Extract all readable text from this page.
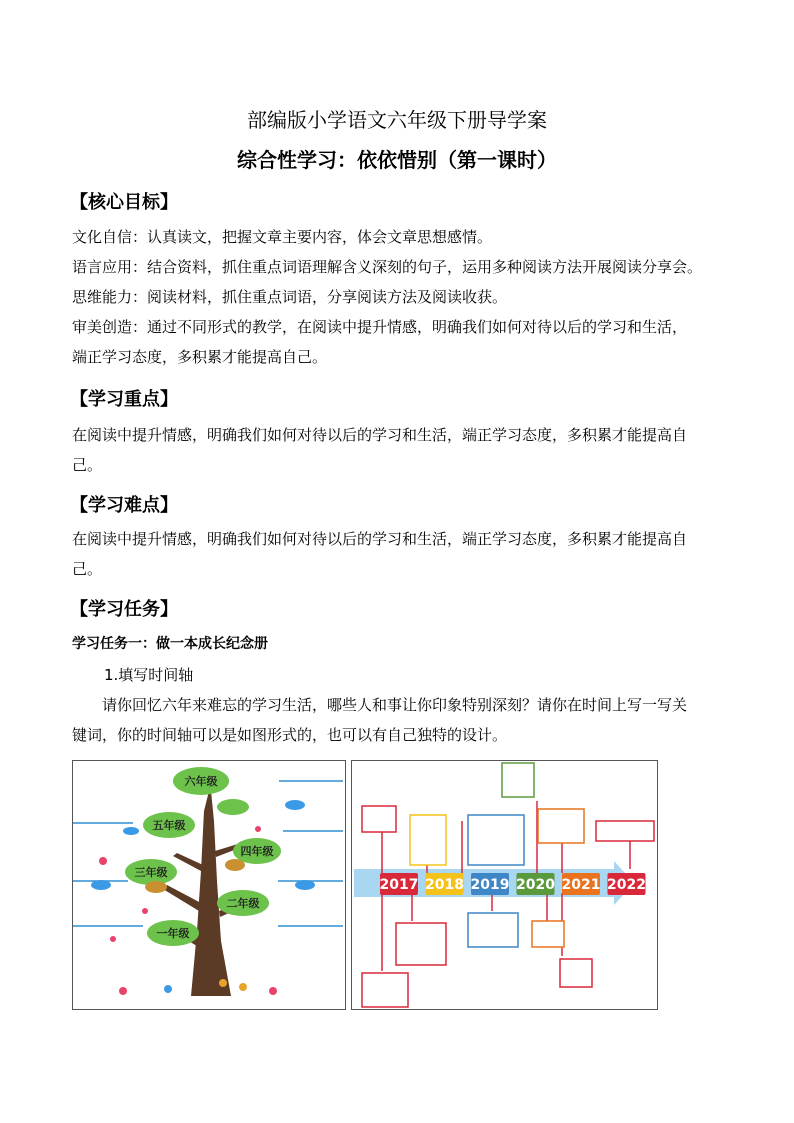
部编版小学语文六年级下册导学案
综合性学习：依依惜别（第一课时）
【核心目标】
文化自信：认真读文，把握文章主要内容，体会文章思想感情。
语言应用：结合资料，抓住重点词语理解含义深刻的句子，运用多种阅读方法开展阅读分享会。
思维能力：阅读材料，抓住重点词语，分享阅读方法及阅读收获。
审美创造：通过不同形式的教学，在阅读中提升情感，明确我们如何对待以后的学习和生活，
端正学习态度，多积累才能提高自己。
【学习重点】
在阅读中提升情感，明确我们如何对待以后的学习和生活，端正学习态度，多积累才能提高自
己。
【学习难点】
在阅读中提升情感，明确我们如何对待以后的学习和生活，端正学习态度，多积累才能提高自
己。
【学习任务】
学习任务一：做一本成长纪念册
1.填写时间轴
请你回忆六年来难忘的学习生活，哪些人和事让你印象特别深刻？请你在时间上写一写关
键词，你的时间轴可以是如图形式的，也可以有自己独特的设计。
六年级
五年级
四年级
三年级
二年级
一年级
2017 2018 2019 2020 2021 2022
